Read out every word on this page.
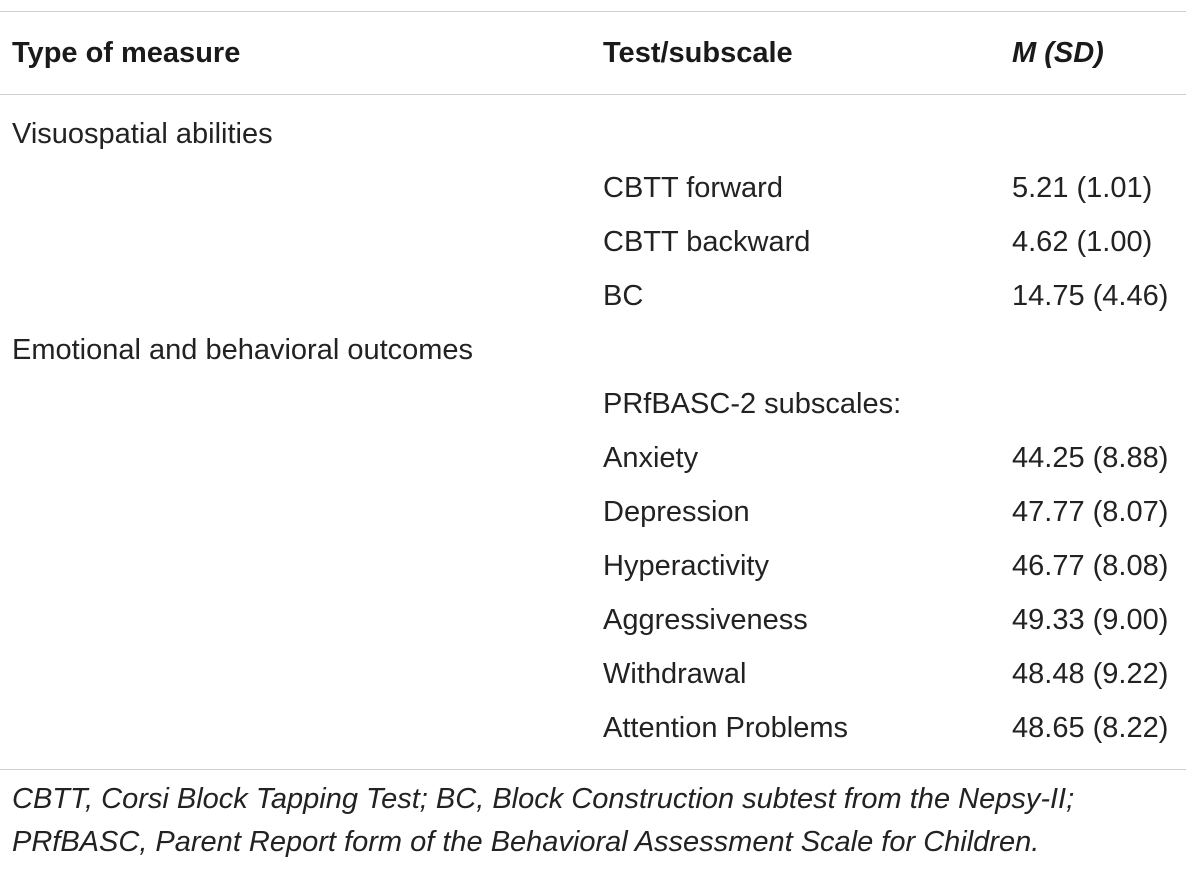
Type of measure	Test/subscale	M (SD)
Visuospatial abilities
CBTT forward	5.21 (1.01)
CBTT backward	4.62 (1.00)
BC	14.75 (4.46)
Emotional and behavioral outcomes
PRfBASC-2 subscales:
Anxiety	44.25 (8.88)
Depression	47.77 (8.07)
Hyperactivity	46.77 (8.08)
Aggressiveness	49.33 (9.00)
Withdrawal	48.48 (9.22)
Attention Problems	48.65 (8.22)
CBTT, Corsi Block Tapping Test; BC, Block Construction subtest from the Nepsy-II;
PRfBASC, Parent Report form of the Behavioral Assessment Scale for Children.
